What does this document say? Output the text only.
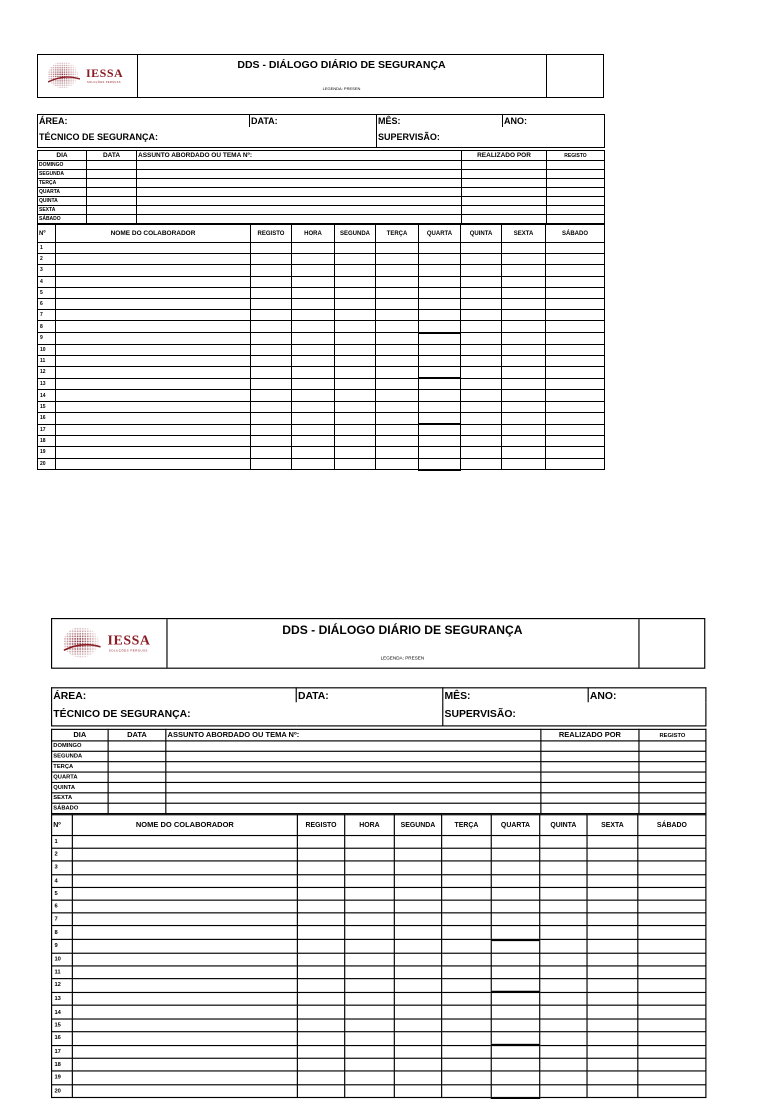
IESSA
SOLUÇÕES PERSUSS
DDS - DIÁLOGO DIÁRIO DE SEGURANÇA
LEGENDA: PRESEN
ÁREA:	DATA:	MÊS:	ANO:
TÉCNICO DE SEGURANÇA:		SUPERVISÃO:	
DIA	DATA	ASSUNTO ABORDADO OU TEMA Nº:	REALIZADO POR	REGISTO
DOMINGO				
SEGUNDA				
TERÇA				
QUARTA				
QUINTA				
SEXTA				
SÁBADO				
Nº	NOME DO COLABORADOR	REGISTO	HORA	SEGUNDA	TERÇA	QUARTA	QUINTA	SEXTA	SÁBADO
1									
2									
3									
4									
5									
6									
7									
8									
9									
10									
11									
12									
13									
14									
15									
16									
17									
18									
19									
20									
IESSA
SOLUÇÕES PERSUSS
DDS - DIÁLOGO DIÁRIO DE SEGURANÇA
LEGENDA: PRESEN
ÁREA:	DATA:	MÊS:	ANO:
TÉCNICO DE SEGURANÇA:		SUPERVISÃO:	
DIA	DATA	ASSUNTO ABORDADO OU TEMA Nº:	REALIZADO POR	REGISTO
DOMINGO				
SEGUNDA				
TERÇA				
QUARTA				
QUINTA				
SEXTA				
SÁBADO				
Nº	NOME DO COLABORADOR	REGISTO	HORA	SEGUNDA	TERÇA	QUARTA	QUINTA	SEXTA	SÁBADO
1									
2									
3									
4									
5									
6									
7									
8									
9									
10									
11									
12									
13									
14									
15									
16									
17									
18									
19									
20									
